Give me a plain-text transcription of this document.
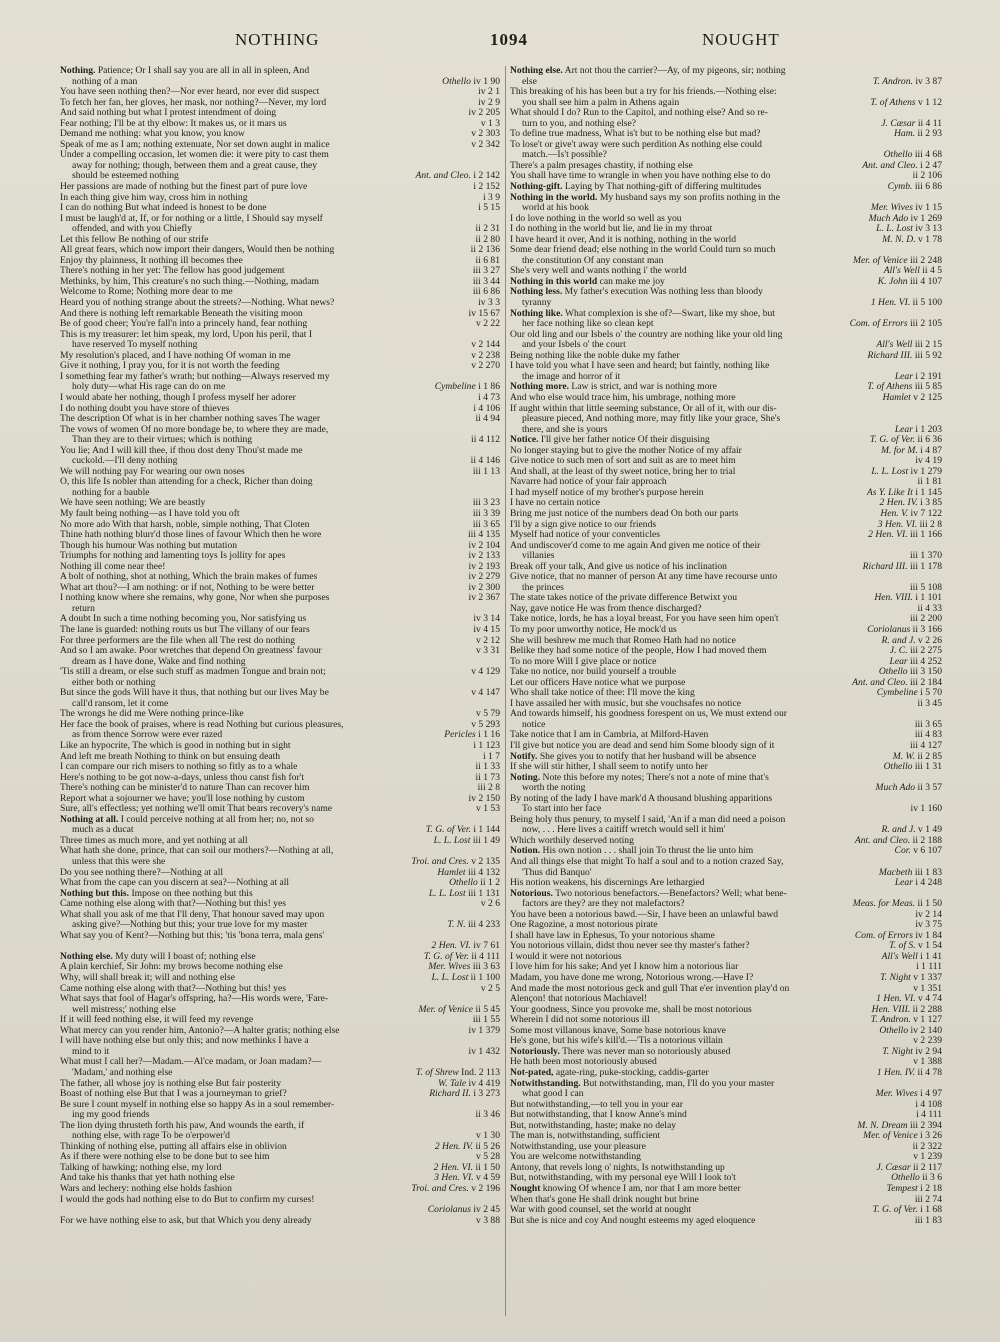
NOTHING	1094	NOUGHT
Nothing. Patience; Or I shall say you are all in all in spleen, And
nothing of a man	Othello iv 1 90
You have seen nothing then?—Nor ever heard, nor ever did suspect	iv 2 1
To fetch her fan, her gloves, her mask, nor nothing?—Never, my lord	iv 2 9
And said nothing but what I protest intendment of doing	iv 2 205
Fear nothing; I'll be at thy elbow: It makes us, or it mars us	v 1 3
Demand me nothing: what you know, you know	v 2 303
Speak of me as I am; nothing extenuate, Nor set down aught in malice	v 2 342
Under a compelling occasion, let women die: it were pity to cast them
away for nothing; though, between them and a great cause, they
should be esteemed nothing	Ant. and Cleo. i 2 142
Her passions are made of nothing but the finest part of pure love	i 2 152
In each thing give him way, cross him in nothing	i 3 9
I can do nothing But what indeed is honest to be done	i 5 15
I must be laugh'd at, If, or for nothing or a little, I Should say myself
offended, and with you Chiefly	ii 2 31
Let this fellow Be nothing of our strife	ii 2 80
All great fears, which now import their dangers, Would then be nothing	ii 2 136
Enjoy thy plainness, It nothing ill becomes thee	ii 6 81
There's nothing in her yet: The fellow has good judgement	iii 3 27
Methinks, by him, This creature's no such thing.—Nothing, madam	iii 3 44
Welcome to Rome; Nothing more dear to me	iii 6 86
Heard you of nothing strange about the streets?—Nothing. What news?	iv 3 3
And there is nothing left remarkable Beneath the visiting moon	iv 15 67
Be of good cheer; You're fall'n into a princely hand, fear nothing	v 2 22
This is my treasurer: let him speak, my lord, Upon his peril, that I
have reserved To myself nothing	v 2 144
My resolution's placed, and I have nothing Of woman in me	v 2 238
Give it nothing, I pray you, for it is not worth the feeding	v 2 270
I something fear my father's wrath; but nothing—Always reserved my
holy duty—what His rage can do on me	Cymbeline i 1 86
I would abate her nothing, though I profess myself her adorer	i 4 73
I do nothing doubt you have store of thieves	i 4 106
The description Of what is in her chamber nothing saves The wager	ii 4 94
The vows of women Of no more bondage be, to where they are made,
Than they are to their virtues; which is nothing	ii 4 112
You lie; And I will kill thee, if thou dost deny Thou'st made me
cuckold.—I'll deny nothing	ii 4 146
We will nothing pay For wearing our own noses	iii 1 13
O, this life Is nobler than attending for a check, Richer than doing
nothing for a bauble
We have seen nothing; We are beastly	iii 3 23
My fault being nothing—as I have told you oft	iii 3 39
No more ado With that harsh, noble, simple nothing, That Cloten	iii 3 65
Thine hath nothing blurr'd those lines of favour Which then he wore	iii 4 135
Though his humour Was nothing but mutation	iv 2 104
Triumphs for nothing and lamenting toys Is jollity for apes	iv 2 133
Nothing ill come near thee!	iv 2 193
A bolt of nothing, shot at nothing, Which the brain makes of fumes	iv 2 279
What art thou?—I am nothing: or if not, Nothing to be were better	iv 2 300
I nothing know where she remains, why gone, Nor when she purposes	iv 2 367
return
A doubt In such a time nothing becoming you, Nor satisfying us	iv 3 14
The lane is guarded: nothing routs us but The villany of our fears	iv 4 15
For three performers are the file when all The rest do nothing	v 2 12
And so I am awake. Poor wretches that depend On greatness' favour	v 3 31
dream as I have done, Wake and find nothing
'Tis still a dream, or else such stuff as madmen Tongue and brain not;	v 4 129
either both or nothing
But since the gods Will have it thus, that nothing but our lives May be	v 4 147
call'd ransom, let it come
The wrongs he did me Were nothing prince-like	v 5 79
Her face the book of praises, where is read Nothing but curious pleasures,	v 5 293
as from thence Sorrow were ever razed	Pericles i 1 16
Like an hypocrite, The which is good in nothing but in sight	i 1 123
And left me breath Nothing to think on but ensuing death	i 1 7
I can compare our rich misers to nothing so fitly as to a whale	ii 1 33
Here's nothing to be got now-a-days, unless thou canst fish for't	ii 1 73
There's nothing can be minister'd to nature Than can recover him	iii 2 8
Report what a sojourner we have; you'll lose nothing by custom	iv 2 150
Sure, all's effectless; yet nothing we'll omit That bears recovery's name	v 1 53
Nothing at all. I could perceive nothing at all from her; no, not so
much as a ducat	T. G. of Ver. i 1 144
Three times as much more, and yet nothing at all	L. L. Lost iii 1 49
What hath she done, prince, that can soil our mothers?—Nothing at all,
unless that this were she	Troi. and Cres. v 2 135
Do you see nothing there?—Nothing at all	Hamlet iii 4 132
What from the cape can you discern at sea?—Nothing at all	Othello ii 1 2
Nothing but this. Impose on thee nothing but this	L. L. Lost iii 1 131
Came nothing else along with that?—Nothing but this! yes	v 2 6
What shall you ask of me that I'll deny, That honour saved may upon
asking give?—Nothing but this; your true love for my master	T. N. iii 4 233
What say you of Kent?—Nothing but this; 'tis 'bona terra, mala gens'
2 Hen. VI. iv 7 61
Nothing else. My duty will I boast of; nothing else	T. G. of Ver. ii 4 111
A plain kerchief, Sir John: my brows become nothing else	Mer. Wives iii 3 63
Why, will shall break it; will and nothing else	L. L. Lost ii 1 100
Came nothing else along with that?—Nothing but this! yes	v 2 5
What says that fool of Hagar's offspring, ha?—His words were, 'Fare-
well mistress;' nothing else	Mer. of Venice ii 5 45
If it will feed nothing else, it will feed my revenge	iii 1 55
What mercy can you render him, Antonio?—A halter gratis; nothing else	iv 1 379
I will have nothing else but only this; and now methinks I have a
mind to it	iv 1 432
What must I call her?—Madam.—Al'ce madam, or Joan madam?—
'Madam,' and nothing else	T. of Shrew Ind. 2 113
The father, all whose joy is nothing else But fair posterity	W. Tale iv 4 419
Boast of nothing else But that I was a journeyman to grief?	Richard II. i 3 273
Be sure I count myself in nothing else so happy As in a soul remember-
ing my good friends	ii 3 46
The lion dying thrusteth forth his paw, And wounds the earth, if
nothing else, with rage To be o'erpower'd	v 1 30
Thinking of nothing else, putting all affairs else in oblivion	2 Hen. IV. ii 5 26
As if there were nothing else to be done but to see him	v 5 28
Talking of hawking; nothing else, my lord	2 Hen. VI. ii 1 50
And take his thanks that yet hath nothing else	3 Hen. VI. v 4 59
Wars and lechery: nothing else holds fashion	Troi. and Cres. v 2 196
I would the gods had nothing else to do But to confirm my curses!
Coriolanus iv 2 45
For we have nothing else to ask, but that Which you deny already	v 3 88
Nothing else. Art not thou the carrier?—Ay, of my pigeons, sir; nothing
else	T. Andron. iv 3 87
This breaking of his has been but a try for his friends.—Nothing else:
you shall see him a palm in Athens again	T. of Athens v 1 12
What should I do? Run to the Capitol, and nothing else? And so re-
turn to you, and nothing else?	J. Cæsar ii 4 11
To define true madness, What is't but to be nothing else but mad?	Ham. ii 2 93
To lose't or give't away were such perdition As nothing else could
match.—Is't possible?	Othello iii 4 68
There's a palm presages chastity, if nothing else	Ant. and Cleo. i 2 47
You shall have time to wrangle in when you have nothing else to do	ii 2 106
Nothing-gift. Laying by That nothing-gift of differing multitudes	Cymb. iii 6 86
Nothing in the world. My husband says my son profits nothing in the
world at his book	Mer. Wives iv 1 15
I do love nothing in the world so well as you	Much Ado iv 1 269
I do nothing in the world but lie, and lie in my throat	L. L. Lost iv 3 13
I have heard it over, And it is nothing, nothing in the world	M. N. D. v 1 78
Some dear friend dead; else nothing in the world Could turn so much
the constitution Of any constant man	Mer. of Venice iii 2 248
She's very well and wants nothing i' the world	All's Well ii 4 5
Nothing in this world can make me joy	K. John iii 4 107
Nothing less. My father's execution Was nothing less than bloody
tyranny	1 Hen. VI. ii 5 100
Nothing like. What complexion is she of?—Swart, like my shoe, but
her face nothing like so clean kept	Com. of Errors iii 2 105
Our old ling and our Isbels o' the country are nothing like your old ling
and your Isbels o' the court	All's Well iii 2 15
Being nothing like the noble duke my father	Richard III. iii 5 92
I have told you what I have seen and heard; but faintly, nothing like
the image and horror of it	Lear i 2 191
Nothing more. Law is strict, and war is nothing more	T. of Athens iii 5 85
And who else would trace him, his umbrage, nothing more	Hamlet v 2 125
If aught within that little seeming substance, Or all of it, with our dis-
pleasure pieced, And nothing more, may fitly like your grace, She's
there, and she is yours	Lear i 1 203
Notice. I'll give her father notice Of their disguising	T. G. of Ver. ii 6 36
No longer staying but to give the mother Notice of my affair	M. for M. i 4 87
Give notice to such men of sort and suit as are to meet him	iv 4 19
And shall, at the least of thy sweet notice, bring her to trial	L. L. Lost iv 1 279
Navarre had notice of your fair approach	ii 1 81
I had myself notice of my brother's purpose herein	As Y. Like It i 1 145
I have no certain notice	2 Hen. IV. i 3 85
Bring me just notice of the numbers dead On both our parts	Hen. V. iv 7 122
I'll by a sign give notice to our friends	3 Hen. VI. iii 2 8
Myself had notice of your conventicles	2 Hen. VI. iii 1 166
And undiscover'd come to me again And given me notice of their
villanies	iii 1 370
Break off your talk, And give us notice of his inclination	Richard III. iii 1 178
Give notice, that no manner of person At any time have recourse unto
the princes	iii 5 108
The state takes notice of the private difference Betwixt you	Hen. VIII. i 1 101
Nay, gave notice He was from thence discharged?	ii 4 33
Take notice, lords, he has a loyal breast, For you have seen him open't	iii 2 200
To my poor unworthy notice, He mock'd us	Coriolanus ii 3 166
She will beshrew me much that Romeo Hath had no notice	R. and J. v 2 26
Belike they had some notice of the people, How I had moved them	J. C. iii 2 275
To no more Will I give place or notice	Lear iii 4 252
Take no notice, nor build yourself a trouble	Othello iii 3 150
Let our officers Have notice what we purpose	Ant. and Cleo. iii 2 184
Who shall take notice of thee: I'll move the king	Cymbeline i 5 70
I have assailed her with music, but she vouchsafes no notice	ii 3 45
And towards himself, his goodness forespent on us, We must extend our
notice	iii 3 65
Take notice that I am in Cambria, at Milford-Haven	iii 4 83
I'll give but notice you are dead and send him Some bloody sign of it	iii 4 127
Notify. She gives you to notify that her husband will be absence	M. W. ii 2 85
If she will stir hither, I shall seem to notify unto her	Othello iii 1 31
Noting. Note this before my notes; There's not a note of mine that's
worth the noting	Much Ado ii 3 57
By noting of the lady I have mark'd A thousand blushing apparitions
To start into her face	iv 1 160
Being holy thus penury, to myself I said, 'An if a man did need a poison
now, . . . Here lives a caitiff wretch would sell it him'	R. and J. v 1 49
Which worthily deserved noting	Ant. and Cleo. ii 2 188
Notion. His own notion . . . shall join To thrust the lie unto him	Cor. v 6 107
And all things else that might To half a soul and to a notion crazed Say,
'Thus did Banquo'	Macbeth iii 1 83
His notion weakens, his discernings Are lethargied	Lear i 4 248
Notorious. Two notorious benefactors.—Benefactors? Well; what bene-
factors are they? are they not malefactors?	Meas. for Meas. ii 1 50
You have been a notorious bawd.—Sir, I have been an unlawful bawd	iv 2 14
One Ragozine, a most notorious pirate	iv 3 75
I shall have law in Ephesus, To your notorious shame	Com. of Errors iv 1 84
You notorious villain, didst thou never see thy master's father?	T. of S. v 1 54
I would it were not notorious	All's Well i 1 41
I love him for his sake; And yet I know him a notorious liar	i 1 111
Madam, you have done me wrong, Notorious wrong.—Have I?	T. Night v 1 337
And made the most notorious geck and gull That e'er invention play'd on	v 1 351
Alençon! that notorious Machiavel!	1 Hen. VI. v 4 74
Your goodness, Since you provoke me, shall be most notorious	Hen. VIII. ii 2 288
Wherein I did not some notorious ill	T. Andron. v 1 127
Some most villanous knave, Some base notorious knave	Othello iv 2 140
He's gone, but his wife's kill'd.—'Tis a notorious villain	v 2 239
Notoriously. There was never man so notoriously abused	T. Night iv 2 94
He hath been most notoriously abused	v 1 388
Not-pated, agate-ring, puke-stocking, caddis-garter	1 Hen. IV. ii 4 78
Notwithstanding. But notwithstanding, man, I'll do you your master
what good I can	Mer. Wives i 4 97
But notwithstanding,—to tell you in your ear	i 4 108
But notwithstanding, that I know Anne's mind	i 4 111
But, notwithstanding, haste; make no delay	M. N. Dream iii 2 394
The man is, notwithstanding, sufficient	Mer. of Venice i 3 26
Notwithstanding, use your pleasure	ii 2 322
You are welcome notwithstanding	v 1 239
Antony, that revels long o' nights, Is notwithstanding up	J. Cæsar ii 2 117
But, notwithstanding, with my personal eye Will I look to't	Othello ii 3 6
Nought knowing Of whence I am, nor that I am more better	Tempest i 2 18
When that's gone He shall drink nought but brine	iii 2 74
War with good counsel, set the world at nought	T. G. of Ver. i 1 68
But she is nice and coy And nought esteems my aged eloquence	iii 1 83
